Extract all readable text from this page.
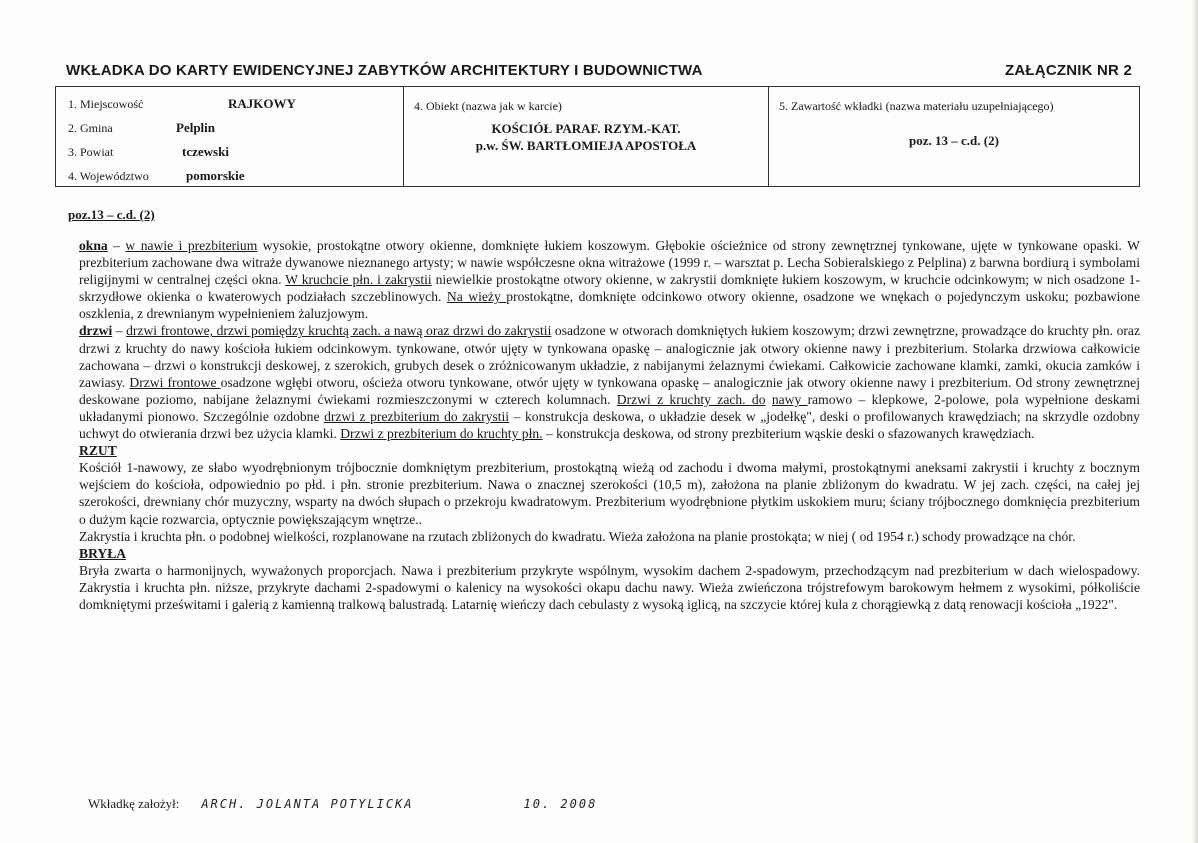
WKŁADKA DO KARTY EWIDENCYJNEJ ZABYTKÓW ARCHITEKTURY I BUDOWNICTWA	ZAŁĄCZNIK NR 2
1. Miejscowość	RAJKOWY
2. Gmina	Pelplin
3. Powiat	tczewski
4. Województwo	pomorskie
4. Obiekt (nazwa jak w karcie)
KOŚCIÓŁ PARAF. RZYM.-KAT.
p.w. ŚW. BARTŁOMIEJA APOSTOŁA
5. Zawartość wkładki (nazwa materiału uzupełniającego)
poz. 13 – c.d. (2)
poz.13 – c.d. (2)

okna – w nawie i prezbiterium wysokie, prostokątne otwory okienne, domknięte łukiem koszowym. Głębokie ościeżnice od strony zewnętrznej tynkowane, ujęte w tynkowane opaski. W prezbiterium zachowane dwa witraże dywanowe nieznanego artysty; w nawie współczesne okna witrażowe (1999 r. – warsztat p. Lecha Sobieralskiego z Pelplina) z barwna bordiurą i symbolami religijnymi w centralnej części okna. W kruchcie płn. i zakrystii niewielkie prostokątne otwory okienne, w zakrystii domknięte łukiem koszowym, w kruchcie odcinkowym; w nich osadzone 1-skrzydłowe okienka o kwaterowych podziałach szczeblinowych. Na wieży prostokątne, domknięte odcinkowo otwory okienne, osadzone we wnękach o pojedynczym uskoku; pozbawione oszklenia, z drewnianym wypełnieniem żaluzjowym.

drzwi – drzwi frontowe, drzwi pomiędzy kruchtą zach. a nawą oraz drzwi do zakrystii osadzone w otworach domkniętych łukiem koszowym; drzwi zewnętrzne, prowadzące do kruchty płn. oraz drzwi z kruchty do nawy kościoła łukiem odcinkowym. tynkowane, otwór ujęty w tynkowana opaskę – analogicznie jak otwory okienne nawy i prezbiterium. Stolarka drzwiowa całkowicie zachowana – drzwi o konstrukcji deskowej, z szerokich, grubych desek o zróżnicowanym układzie, z nabijanymi żelaznymi ćwiekami. Całkowicie zachowane klamki, zamki, okucia zamków i zawiasy. Drzwi frontowe osadzone wgłębi otworu, ościeża otworu tynkowane, otwór ujęty w tynkowana opaskę – analogicznie jak otwory okienne nawy i prezbiterium. Od strony zewnętrznej deskowane poziomo, nabijane żelaznymi ćwiekami rozmieszczonymi w czterech kolumnach. Drzwi z kruchty zach. do nawy ramowo – klepkowe, 2-polowe, pola wypełnione deskami układanymi pionowo. Szczególnie ozdobne drzwi z prezbiterium do zakrystii – konstrukcja deskowa, o układzie desek w „jodełkę", deski o profilowanych krawędziach; na skrzydle ozdobny uchwyt do otwierania drzwi bez użycia klamki. Drzwi z prezbiterium do kruchty płn. – konstrukcja deskowa, od strony prezbiterium wąskie deski o sfazowanych krawędziach.

RZUT

Kościół 1-nawowy, ze słabo wyodrębnionym trójbocznie domkniętym prezbiterium, prostokątną wieżą od zachodu i dwoma małymi, prostokątnymi aneksami zakrystii i kruchty z bocznym wejściem do kościoła, odpowiednio po płd. i płn. stronie prezbiterium. Nawa o znacznej szerokości (10,5 m), założona na planie zbliżonym do kwadratu. W jej zach. części, na całej jej szerokości, drewniany chór muzyczny, wsparty na dwóch słupach o przekroju kwadratowym. Prezbiterium wyodrębnione płytkim uskokiem muru; ściany trójbocznego domknięcia prezbiterium o dużym kącie rozwarcia, optycznie powiększającym wnętrze..

Zakrystia i kruchta płn. o podobnej wielkości, rozplanowane na rzutach zbliżonych do kwadratu. Wieża założona na planie prostokąta; w niej ( od 1954 r.) schody prowadzące na chór.

BRYŁA

Bryła zwarta o harmonijnych, wyważonych proporcjach. Nawa i prezbiterium przykryte wspólnym, wysokim dachem 2-spadowym, przechodzącym nad prezbiterium w dach wielospadowy. Zakrystia i kruchta płn. niższe, przykryte dachami 2-spadowymi o kalenicy na wysokości okapu dachu nawy. Wieża zwieńczona trójstrefowym barokowym hełmem z wysokimi, półkoliście domkniętymi prześwitami i galerią z kamienną tralkową balustradą. Latarnię wieńczy dach cebulasty z wysoką iglicą, na szczycie której kula z chorągiewką z datą renowacji kościoła „1922".

Wkładkę założył: ARCH. JOLANTA POTYLICKA	10. 2008
